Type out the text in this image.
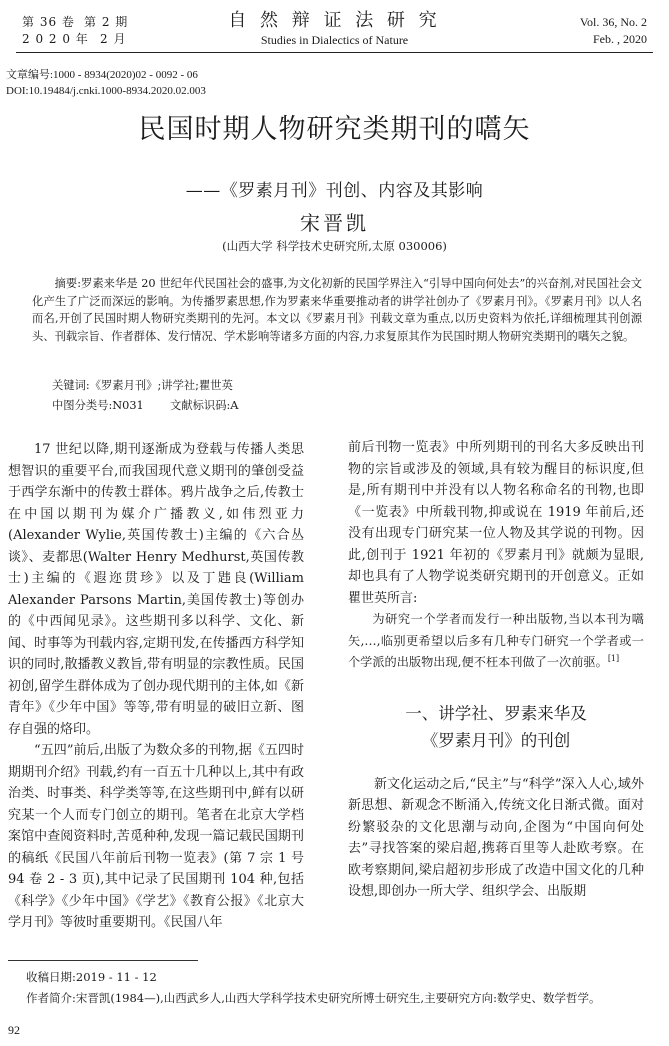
第 36 卷 第 2 期
2 0 2 0 年 2 月
自 然 辩 证 法 研 究
Studies in Dialectics of Nature
Vol. 36, No. 2
Feb. , 2020
文章编号:1000 - 8934(2020)02 - 0092 - 06
DOI:10.19484/j.cnki.1000-8934.2020.02.003
民国时期人物研究类期刊的嚆矢
——《罗素月刊》刊创、内容及其影响
宋晋凯
(山西大学 科学技术史研究所,太原 030006)

摘要:罗素来华是 20 世纪年代民国社会的盛事,为文化初新的民国学界注入“引导中国向何处去”的兴奋剂,对民国社会文化产生了广泛而深远的影响。为传播罗素思想,作为罗素来华重要推动者的讲学社创办了《罗素月刊》。《罗素月刊》以人名而名,开创了民国时期人物研究类期刊的先河。本文以《罗素月刊》刊载文章为重点,以历史资料为依托,详细梳理其刊创源头、刊载宗旨、作者群体、发行情况、学术影响等诸多方面的内容,力求复原其作为民国时期人物研究类期刊的嚆矢之貌。

关键词:《罗素月刊》;讲学社;瞿世英
中图分类号:N031 文献标识码:A

17 世纪以降,期刊逐渐成为登载与传播人类思想智识的重要平台,而我国现代意义期刊的肇创受益于西学东渐中的传教士群体。鸦片战争之后,传教士在中国以期刊为媒介广播教义,如伟烈亚力(Alexander Wylie,英国传教士)主编的《六合丛谈》、麦都思(Walter Henry Medhurst,英国传教士)主编的《遐迩贯珍》以及丁韪良(William Alexander Parsons Martin,美国传教士)等创办的《中西闻见录》。这些期刊多以科学、文化、新闻、时事等为刊载内容,定期刊发,在传播西方科学知识的同时,散播教义教旨,带有明显的宗教性质。民国初创,留学生群体成为了创办现代期刊的主体,如《新青年》《少年中国》等等,带有明显的破旧立新、图存自强的烙印。

“五四”前后,出版了为数众多的刊物,据《五四时期期刊介绍》刊载,约有一百五十几种以上,其中有政治类、时事类、科学类等等,在这些期刊中,鲜有以研究某一个人而专门创立的期刊。笔者在北京大学档案馆中查阅资料时,苦觅种种,发现一篇记载民国期刊的稿纸《民国八年前后刊物一览表》(第 7 宗 1 号 94 卷 2 - 3 页),其中记录了民国期刊 104 种,包括《科学》《少年中国》《学艺》《教育公报》《北京大学月刊》等彼时重要期刊。《民国八年

前后刊物一览表》中所列期刊的刊名大多反映出刊物的宗旨或涉及的领域,具有较为醒目的标识度,但是,所有期刊中并没有以人物名称命名的刊物,也即《一览表》中所载刊物,抑或说在 1919 年前后,还没有出现专门研究某一位人物及其学说的刊物。因此,创刊于 1921 年初的《罗素月刊》就颇为显眼,却也具有了人物学说类研究期刊的开创意义。正如瞿世英所言:

为研究一个学者而发行一种出版物,当以本刊为嚆矢,…,临别更希望以后多有几种专门研究一个学者或一个学派的出版物出现,便不枉本刊做了一次前驱。[1]

一、讲学社、罗素来华及
《罗素月刊》的刊创

新文化运动之后,“民主”与“科学”深入人心,域外新思想、新观念不断涌入,传统文化日渐式微。面对纷繁驳杂的文化思潮与动向,企图为“中国向何处去”寻找答案的梁启超,携蒋百里等人赴欧考察。在欧考察期间,梁启超初步形成了改造中国文化的几种设想,即创办一所大学、组织学会、出版期

收稿日期:2019 - 11 - 12
作者简介:宋晋凯(1984—),山西武乡人,山西大学科学技术史研究所博士研究生,主要研究方向:数学史、数学哲学。
92
